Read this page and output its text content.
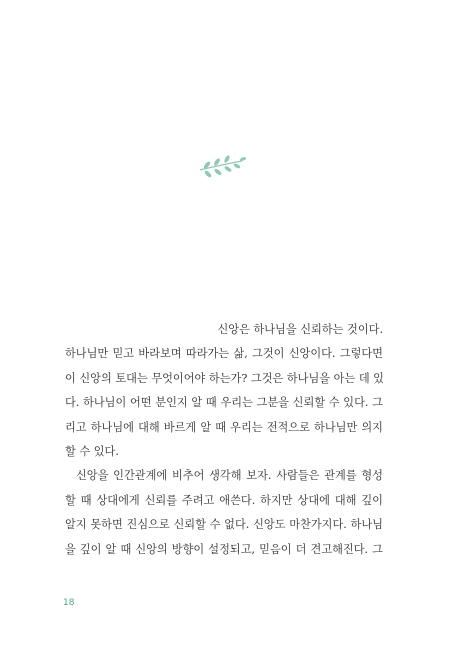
신앙은 하나님을 신뢰하는 것이다.
하나님만 믿고 바라보며 따라가는 삶, 그것이 신앙이다. 그렇다면
이 신앙의 토대는 무엇이어야 하는가? 그것은 하나님을 아는 데 있
다. 하나님이 어떤 분인지 알 때 우리는 그분을 신뢰할 수 있다. 그
리고 하나님에 대해 바르게 알 때 우리는 전적으로 하나님만 의지
할 수 있다.
신앙을 인간관계에 비추어 생각해 보자. 사람들은 관계를 형성
할 때 상대에게 신뢰를 주려고 애쓴다. 하지만 상대에 대해 깊이
알지 못하면 진심으로 신뢰할 수 없다. 신앙도 마찬가지다. 하나님
을 깊이 알 때 신앙의 방향이 설정되고, 믿음이 더 견고해진다. 그
18
